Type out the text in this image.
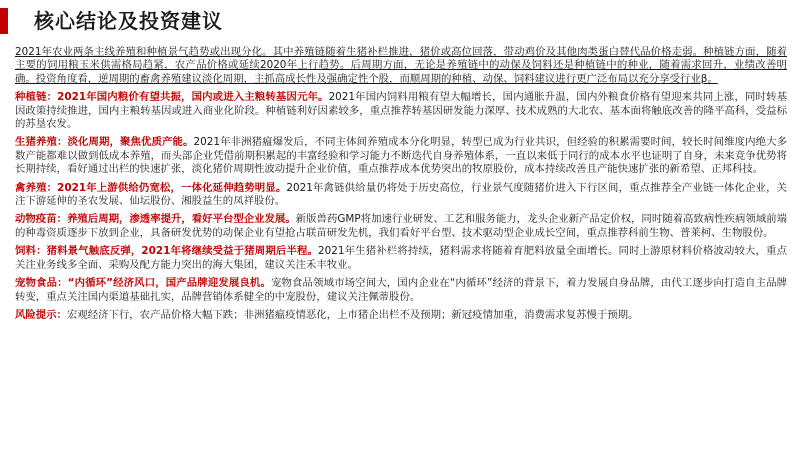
核心结论及投资建议

2021年农业两条主线养殖和种植景气趋势或出现分化。其中养殖链随着生猪补栏推进，猪价或高位回落，带动鸡价及其他肉类蛋白替代品价格走弱。种植链方面，随着主要的饲用粮玉米供需格局趋紧，农产品价格或延续2020年上行趋势。后周期方面，无论是养殖链中的动保及饲料还是种植链中的种业，随着需求回升，业绩改善明确。投资角度看，逆周期的畜禽养殖建议淡化周期，主抓高成长性及强确定性个股，而顺周期的种植、动保、饲料建议进行更广泛布局以充分享受行业β。

种植链：2021年国内粮价有望共振，国内或进入主粮转基因元年。2021年国内饲料用粮有望大幅增长，国内通胀升温，国内外粮食价格有望迎来共同上涨，同时转基因政策持续推进，国内主粮转基因或进入商业化阶段。种植链利好因素较多，重点推荐转基因研发能力深厚、技术成熟的大北农、基本面将触底改善的隆平高科，受益标的苏垦农发。

生猪养殖：淡化周期，聚焦优质产能。2021年非洲猪瘟爆发后，不同主体间养殖成本分化明显，转型已成为行业共识，但经验的积累需要时间，较长时间维度内绝大多数产能都难以做到低成本养殖，而头部企业凭借前期积累起的丰富经验和学习能力不断迭代自身养殖体系，一直以来低于同行的成本水平也证明了自身，未来竞争优势将长期持续，看好通过出栏的快速扩张，淡化猪价周期性波动提升企业价值，重点推荐成本优势突出的牧原股份，成本持续改善且产能快速扩张的新希望、正邦科技。

禽养殖：2021年上游供给仍宽松，一体化延伸趋势明显。2021年禽链供给量仍将处于历史高位，行业景气度随猪价进入下行区间，重点推荐全产业链一体化企业，关注下游延伸的圣农发展、仙坛股份、湘股益生的凤祥股份。

动物疫苗：养殖后周期，渗透率提升，看好平台型企业发展。新版兽药GMP将加速行业研发、工艺和服务能力，龙头企业新产品定价权，同时随着高致病性疾病领域前端的种毒资质逐步下放到企业，具备研发优势的动保企业有望抢占联苗研发先机，我们看好平台型、技术驱动型企业成长空间，重点推荐科前生物、普莱柯、生物股份。

饲料：猪料景气触底反弹，2021年将继续受益于猪周期后半程。2021年生猪补栏将持续，猪料需求将随着育肥料放量全面增长。同时上游原材料价格波动较大，重点关注业务线多全面、采购及配方能力突出的海大集团，建议关注禾丰牧业。

宠物食品：“内循环”经济风口，国产品牌迎发展良机。宠物食品领域市场空间大，国内企业在“内循环”经济的背景下，着力发展自身品牌，由代工逐步向打造自主品牌转变，重点关注国内渠道基础扎实，品牌营销体系健全的中宠股份，建议关注佩蒂股份。

风险提示：宏观经济下行，农产品价格大幅下跌；非洲猪瘟疫情恶化，上市猪企出栏不及预期；新冠疫情加重，消费需求复苏慢于预期。
